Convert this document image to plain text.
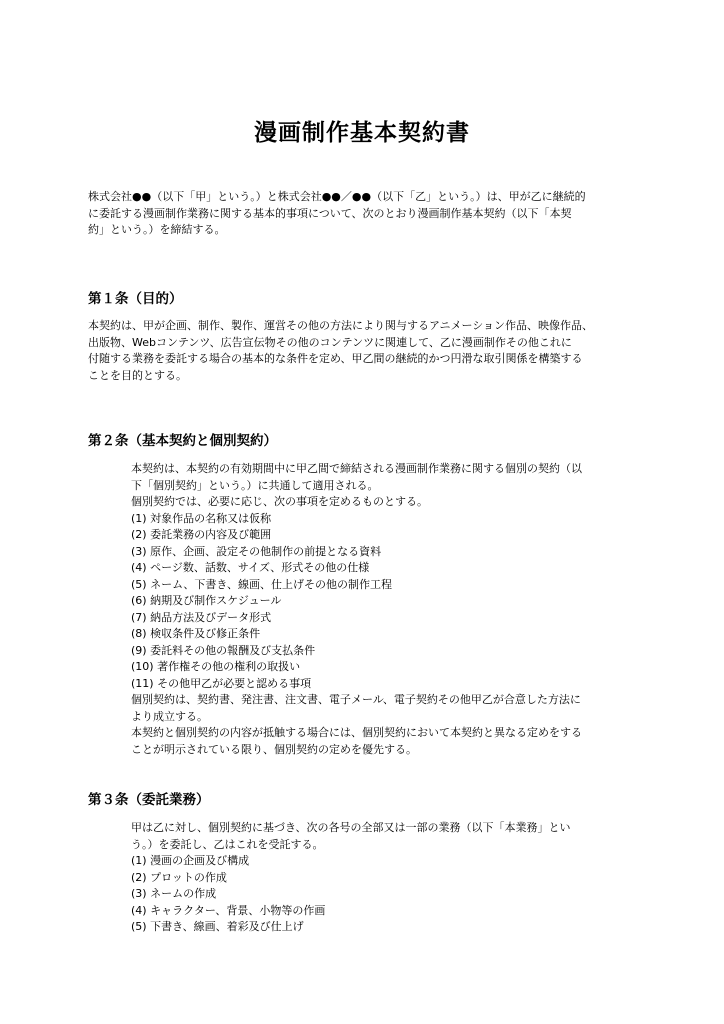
漫画制作基本契約書
株式会社●●（以下「甲」という。）と株式会社●●／●●（以下「乙」という。）は、甲が乙に継続的
に委託する漫画制作業務に関する基本的事項について、次のとおり漫画制作基本契約（以下「本契
約」という。）を締結する。
第１条（目的）
本契約は、甲が企画、制作、製作、運営その他の方法により関与するアニメーション作品、映像作品、
出版物、Webコンテンツ、広告宣伝物その他のコンテンツに関連して、乙に漫画制作その他これに
付随する業務を委託する場合の基本的な条件を定め、甲乙間の継続的かつ円滑な取引関係を構築する
ことを目的とする。
第２条（基本契約と個別契約）
本契約は、本契約の有効期間中に甲乙間で締結される漫画制作業務に関する個別の契約（以
下「個別契約」という。）に共通して適用される。
個別契約では、必要に応じ、次の事項を定めるものとする。
(1) 対象作品の名称又は仮称
(2) 委託業務の内容及び範囲
(3) 原作、企画、設定その他制作の前提となる資料
(4) ページ数、話数、サイズ、形式その他の仕様
(5) ネーム、下書き、線画、仕上げその他の制作工程
(6) 納期及び制作スケジュール
(7) 納品方法及びデータ形式
(8) 検収条件及び修正条件
(9) 委託料その他の報酬及び支払条件
(10) 著作権その他の権利の取扱い
(11) その他甲乙が必要と認める事項
個別契約は、契約書、発注書、注文書、電子メール、電子契約その他甲乙が合意した方法に
より成立する。
本契約と個別契約の内容が抵触する場合には、個別契約において本契約と異なる定めをする
ことが明示されている限り、個別契約の定めを優先する。
第３条（委託業務）
甲は乙に対し、個別契約に基づき、次の各号の全部又は一部の業務（以下「本業務」とい
う。）を委託し、乙はこれを受託する。
(1) 漫画の企画及び構成
(2) プロットの作成
(3) ネームの作成
(4) キャラクター、背景、小物等の作画
(5) 下書き、線画、着彩及び仕上げ
